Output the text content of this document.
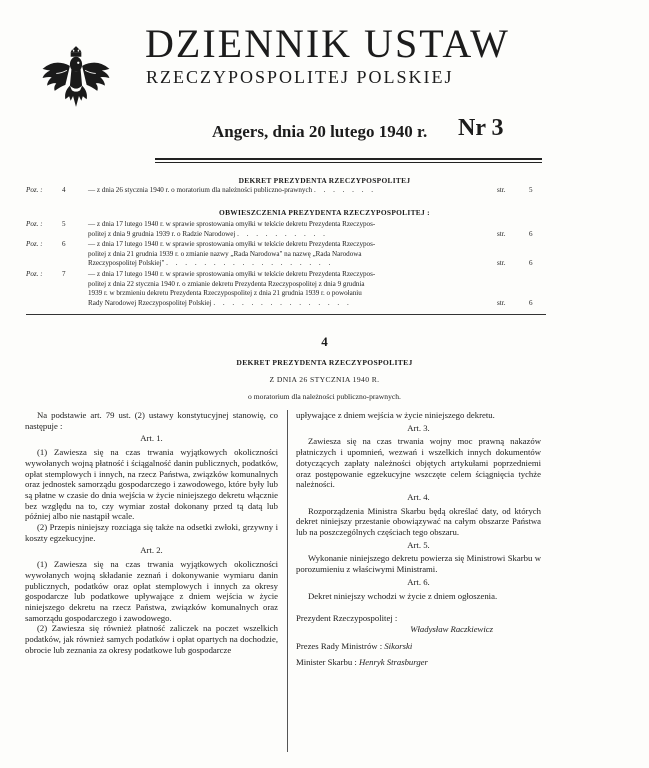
DZIENNIK USTAW
RZECZYPOSPOLITEJ POLSKIEJ
Angers, dnia 20 lutego 1940 r. Nr 3
DEKRET PREZYDENTA RZECZYPOSPOLITEJ
Poz. :	4	— z dnia 26 stycznia 1940 r. o moratorium dla należności publiczno-prawnych . . . . . . .	str.	5
OBWIESZCZENIA PREZYDENTA RZECZYPOSPOLITEJ :
Poz. :	5	— z dnia 17 lutego 1940 r. w sprawie sprostowania omyłki w tekście dekretu Prezydenta Rzeczypos-
politej z dnia 9 grudnia 1939 r. o Radzie Narodowej . . . . . . . . . .	str.	6
Poz. :	6	— z dnia 17 lutego 1940 r. w sprawie sprostowania omyłki w tekście dekretu Prezydenta Rzeczypos-
politej z dnia 21 grudnia 1939 r. o zmianie nazwy „Rada Narodowa" na nazwę „Rada Narodowa
Rzeczypospolitej Polskiej" . . . . . . . . . . . . . . . . . .	str.	6
Poz. :	7	— z dnia 17 lutego 1940 r. w sprawie sprostowania omyłki w tekście dekretu Prezydenta Rzeczypos-
politej z dnia 22 stycznia 1940 r. o zmianie dekretu Prezydenta Rzeczypospolitej z dnia 9 grudnia
1939 r. w brzmieniu dekretu Prezydenta Rzeczypospolitej z dnia 21 grudnia 1939 r. o powołaniu
Rady Narodowej Rzeczypospolitej Polskiej . . . . . . . . . . . . . . .	str.	6
4
DEKRET PREZYDENTA RZECZYPOSPOLITEJ
Z DNIA 26 STYCZNIA 1940 R.
o moratorium dla należności publiczno-prawnych.

Na podstawie art. 79 ust. (2) ustawy konstytucyjnej stanowię, co następuje :

Art. 1.

(1) Zawiesza się na czas trwania wyjątkowych okoliczności wywołanych wojną płatność i ściągalność danin publicznych, podatków, opłat stemplowych i innych, na rzecz Państwa, związków komunalnych oraz jednostek samorządu gospodarczego i zawodowego, które były lub są płatne w czasie do dnia wejścia w życie niniejszego dekretu włącznie bez względu na to, czy wymiar został dokonany przed tą datą lub później albo nie nastąpił wcale.

(2) Przepis niniejszy rozciąga się także na odsetki zwłoki, grzywny i koszty egzekucyjne.

Art. 2.

(1) Zawiesza się na czas trwania wyjątkowych okoliczności wywołanych wojną składanie zeznań i dokonywanie wymiaru danin publicznych, podatków oraz opłat stemplowych i innych za okresy gospodarcze lub podatkowe upływające z dniem wejścia w życie niniejszego dekretu na rzecz Państwa, związków komunalnych oraz samorządu gospodarczego i zawodowego.

(2) Zawiesza się również płatność zaliczek na poczet wszelkich podatków, jak również samych podatków i opłat opartych na dochodzie, obrocie lub zeznania za okresy podatkowe lub gospodarcze

upływające z dniem wejścia w życie niniejszego dekretu.

Art. 3.

Zawiesza się na czas trwania wojny moc prawną nakazów płatniczych i upomnień, wezwań i wszelkich innych dokumentów dotyczących zapłaty należności objętych artykułami poprzedniemi oraz postępowanie egzekucyjne wszczęte celem ściągnięcia tychże należności.

Art. 4.

Rozporządzenia Ministra Skarbu będą określać daty, od których dekret niniejszy przestanie obowiązywać na całym obszarze Państwa lub na poszczególnych częściach tego obszaru.

Art. 5.

Wykonanie niniejszego dekretu powierza się Ministrowi Skarbu w porozumieniu z właściwymi Ministrami.

Art. 6.

Dekret niniejszy wchodzi w życie z dniem ogłoszenia.

Prezydent Rzeczypospolitej :

Władysław Raczkiewicz

Prezes Rady Ministrów : Sikorski

Minister Skarbu : Henryk Strasburger
